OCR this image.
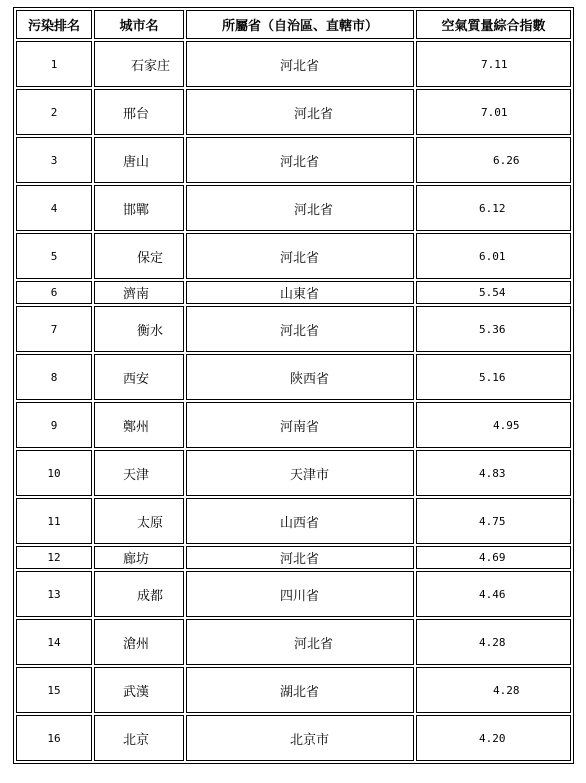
污染排名	城市名	所屬省（自治區、直轄市）	空氣質量綜合指數
1	石家庄	河北省	7.11
2	邢台	河北省	7.01
3	唐山	河北省	6.26
4	邯鄲	河北省	6.12
5	保定	河北省	6.01
6	濟南	山東省	5.54
7	衡水	河北省	5.36
8	西安	陝西省	5.16
9	鄭州	河南省	4.95
10	天津	天津市	4.83
11	太原	山西省	4.75
12	廊坊	河北省	4.69
13	成都	四川省	4.46
14	滄州	河北省	4.28
15	武漢	湖北省	4.28
16	北京	北京市	4.20
